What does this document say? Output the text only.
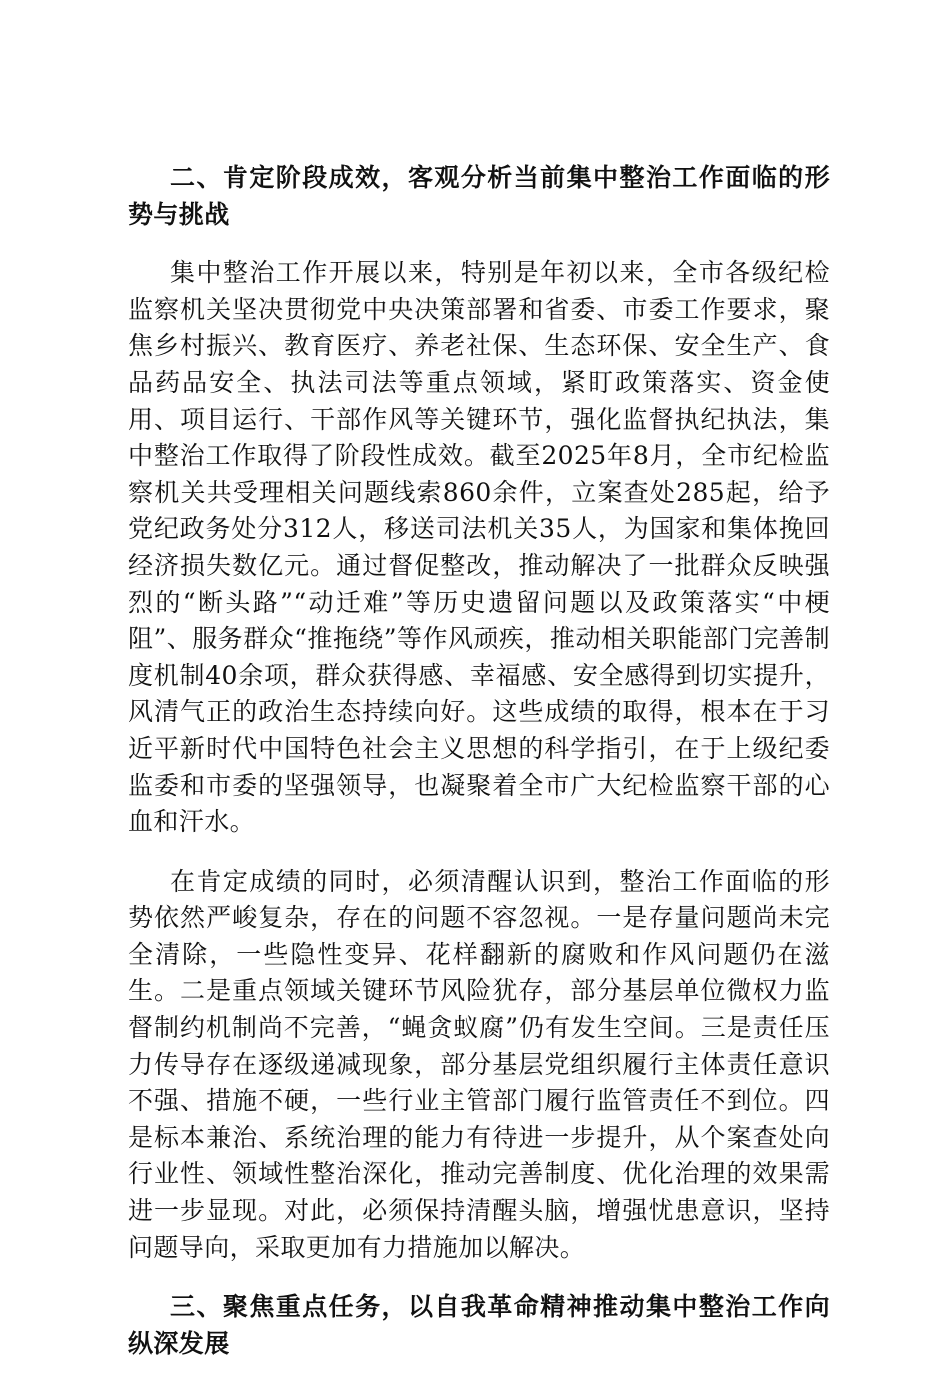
二、肯定阶段成效，客观分析当前集中整治工作面临的形势与挑战

集中整治工作开展以来，特别是年初以来，全市各级纪检监察机关坚决贯彻党中央决策部署和省委、市委工作要求，聚焦乡村振兴、教育医疗、养老社保、生态环保、安全生产、食品药品安全、执法司法等重点领域，紧盯政策落实、资金使用、项目运行、干部作风等关键环节，强化监督执纪执法，集中整治工作取得了阶段性成效。截至2025年8月，全市纪检监察机关共受理相关问题线索860余件，立案查处285起，给予党纪政务处分312人，移送司法机关35人，为国家和集体挽回经济损失数亿元。通过督促整改，推动解决了一批群众反映强烈的“断头路”“动迁难”等历史遗留问题以及政策落实“中梗阻”、服务群众“推拖绕”等作风顽疾，推动相关职能部门完善制度机制40余项，群众获得感、幸福感、安全感得到切实提升，风清气正的政治生态持续向好。这些成绩的取得，根本在于习近平新时代中国特色社会主义思想的科学指引，在于上级纪委监委和市委的坚强领导，也凝聚着全市广大纪检监察干部的心血和汗水。

在肯定成绩的同时，必须清醒认识到，整治工作面临的形势依然严峻复杂，存在的问题不容忽视。一是存量问题尚未完全清除，一些隐性变异、花样翻新的腐败和作风问题仍在滋生。二是重点领域关键环节风险犹存，部分基层单位微权力监督制约机制尚不完善，“蝇贪蚁腐”仍有发生空间。三是责任压力传导存在逐级递减现象，部分基层党组织履行主体责任意识不强、措施不硬，一些行业主管部门履行监管责任不到位。四是标本兼治、系统治理的能力有待进一步提升，从个案查处向行业性、领域性整治深化，推动完善制度、优化治理的效果需进一步显现。对此，必须保持清醒头脑，增强忧患意识，坚持问题导向，采取更加有力措施加以解决。

三、聚焦重点任务，以自我革命精神推动集中整治工作向纵深发展
